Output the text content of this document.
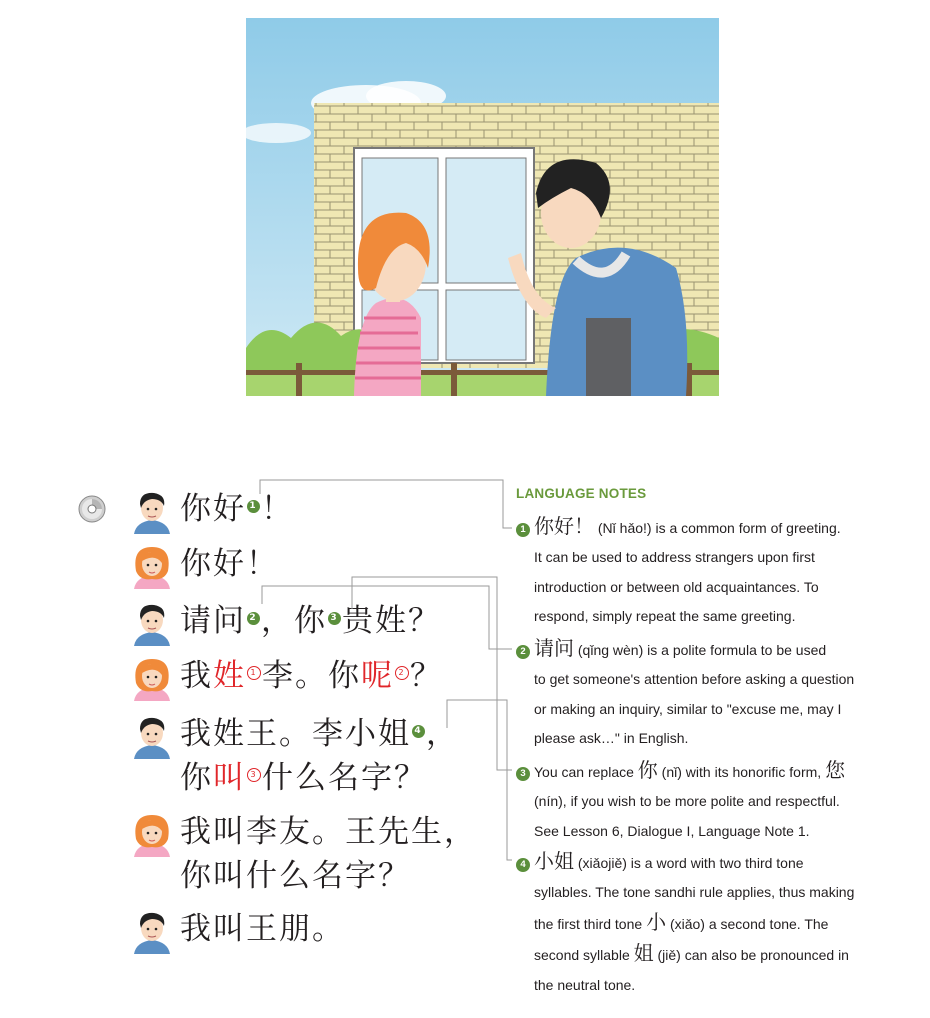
你好 1 ！
你好！
请问 2 ，你 3 贵姓？
我姓 1 李。你呢 2 ？
我姓王。李小姐 4 ，
你叫 3 什么名字？
我叫李友。王先生，
你叫什么名字？
我叫王朋。
LANGUAGE NOTES
1 你好！ (Nǐ hǎo!) is a common form of greeting.
It can be used to address strangers upon first
introduction or between old acquaintances. To
respond, simply repeat the same greeting.
2 请问 (qǐng wèn) is a polite formula to be used
to get someone's attention before asking a question
or making an inquiry, similar to "excuse me, may I
please ask…" in English.
3 You can replace 你 (nǐ) with its honorific form, 您
(nín), if you wish to be more polite and respectful.
See Lesson 6, Dialogue I, Language Note 1.
4 小姐 (xiǎojiě) is a word with two third tone
syllables. The tone sandhi rule applies, thus making
the first third tone 小 (xiǎo) a second tone. The
second syllable 姐 (jiě) can also be pronounced in
the neutral tone.
